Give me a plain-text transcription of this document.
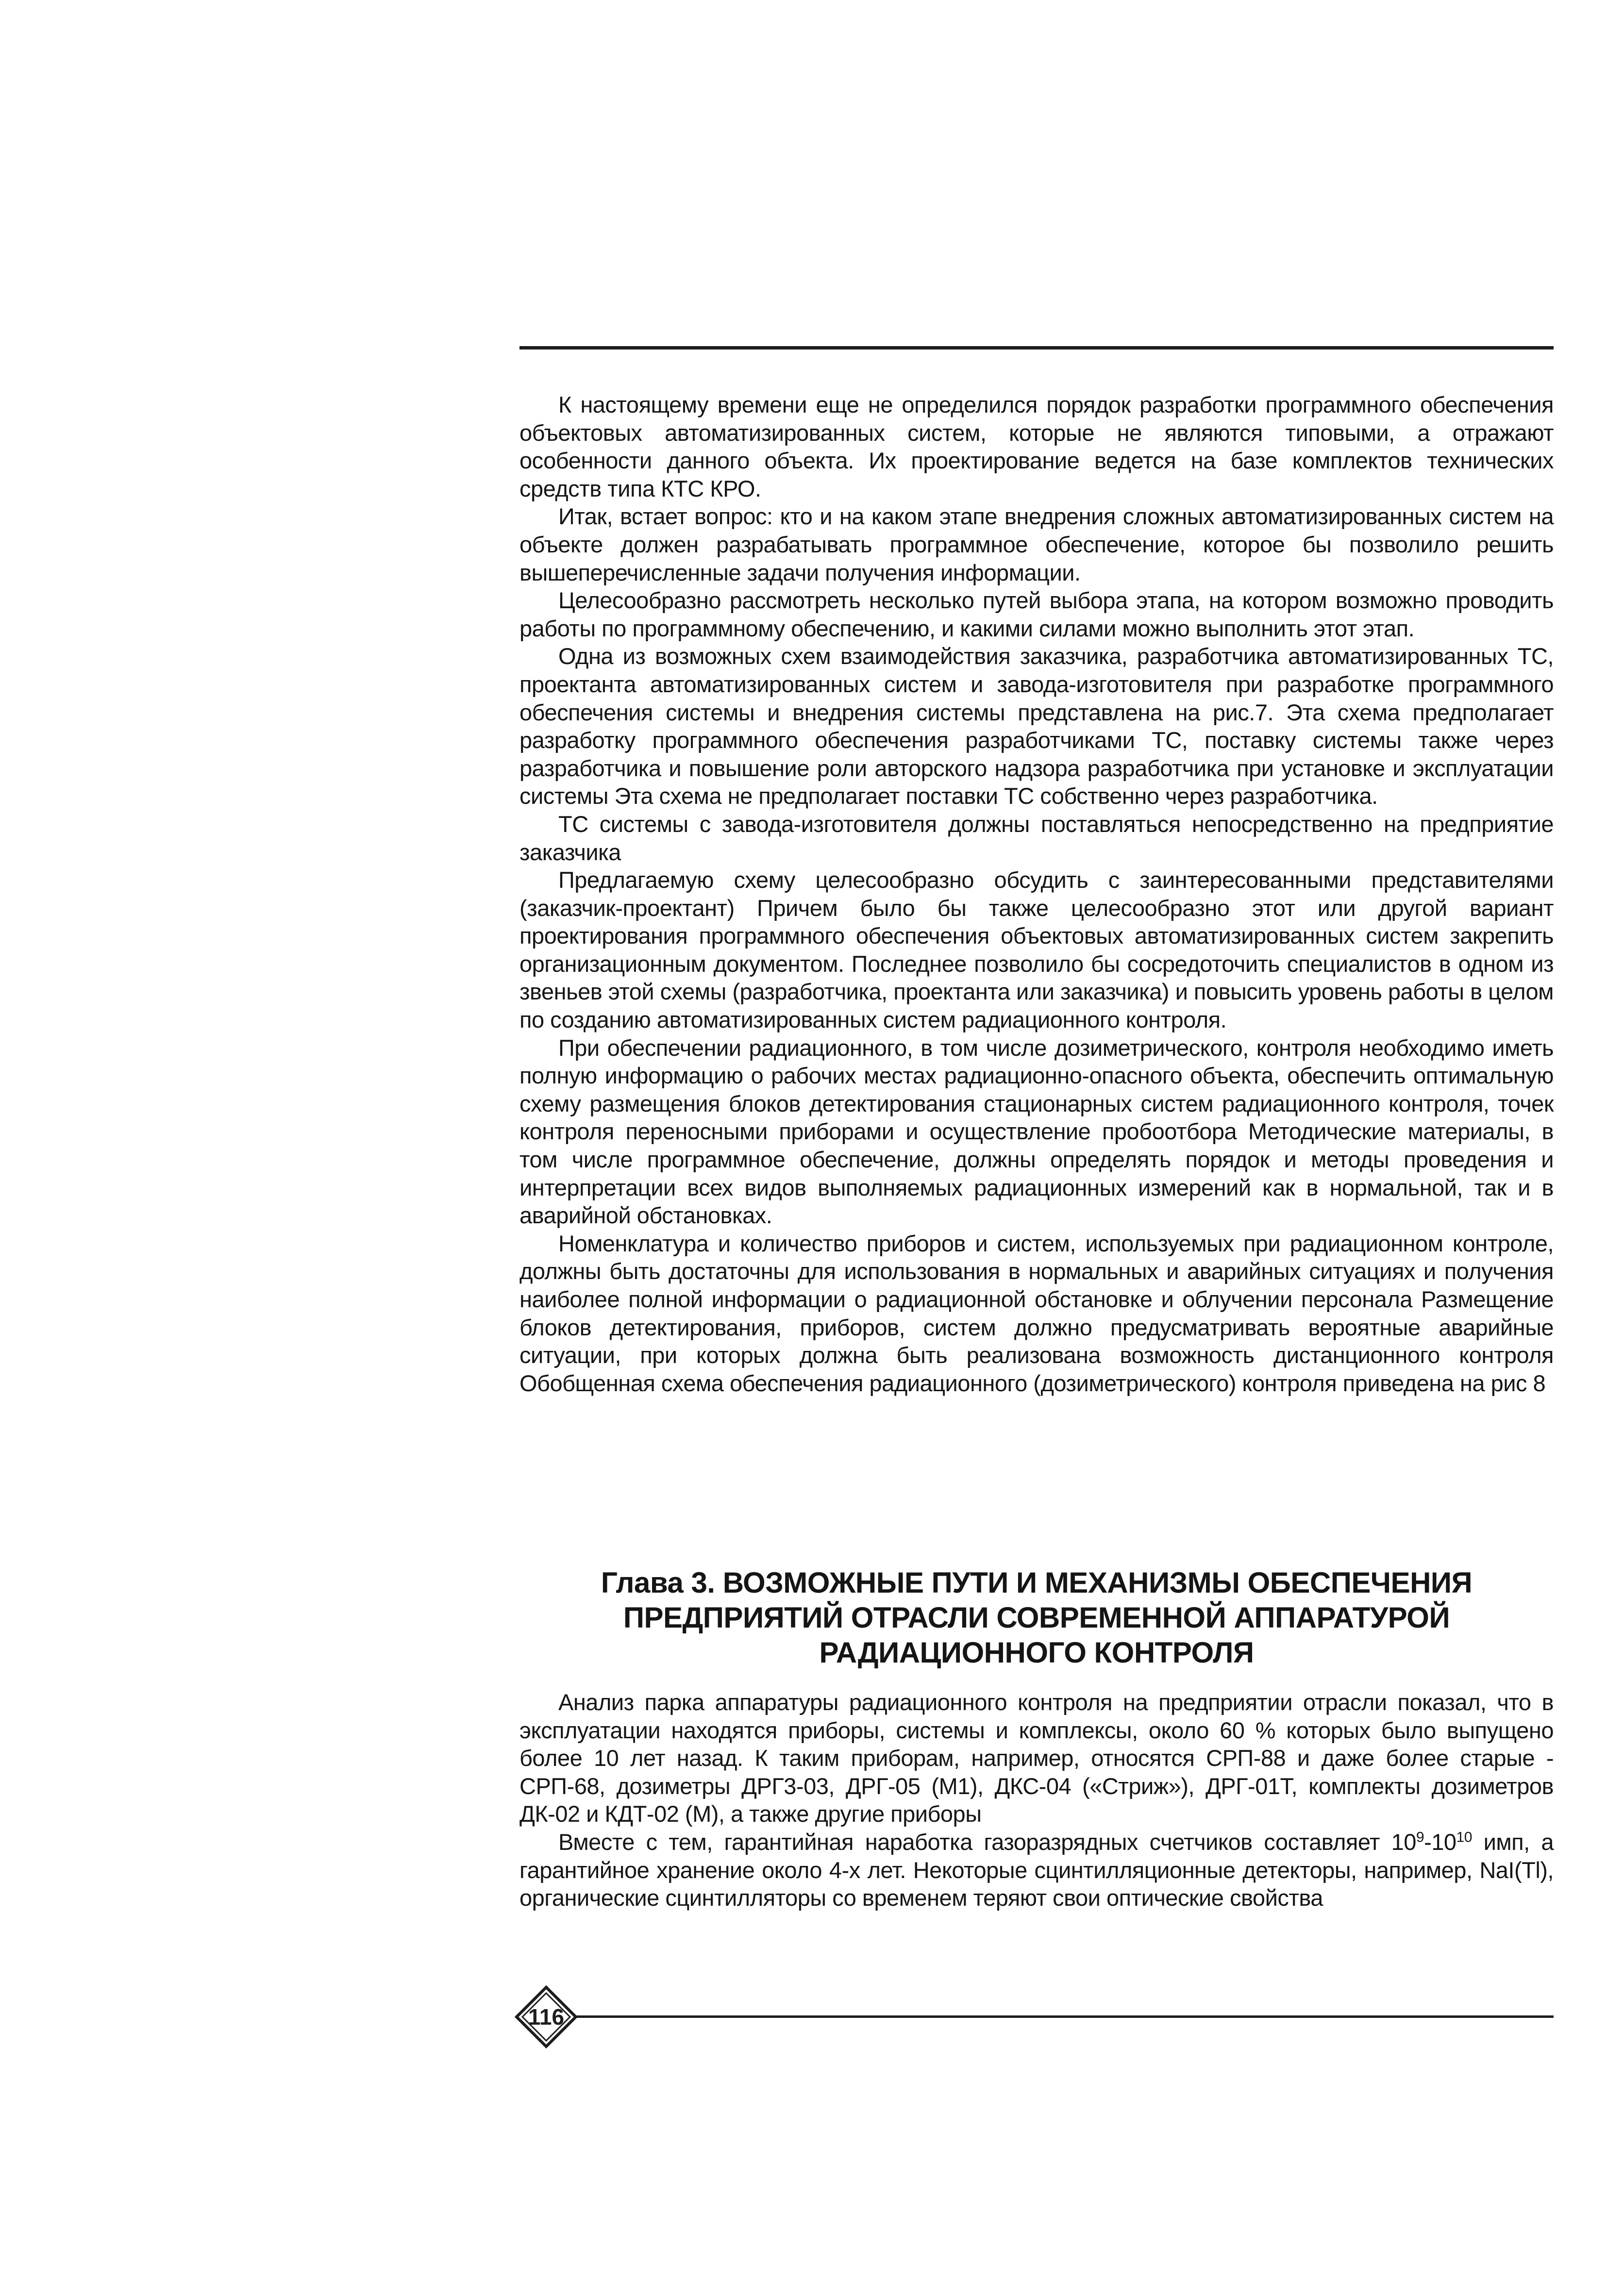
К настоящему времени еще не определился порядок разработки программного обеспечения объектовых автоматизированных систем, которые не являются типовыми, а отражают особенности данного объекта. Их проектирование ведется на базе комплектов технических средств типа КТС КРО.

Итак, встает вопрос: кто и на каком этапе внедрения сложных автоматизированных систем на объекте должен разрабатывать программное обеспечение, которое бы позволило решить вышеперечисленные задачи получения информации.

Целесообразно рассмотреть несколько путей выбора этапа, на котором возможно проводить работы по программному обеспечению, и какими силами можно выполнить этот этап.

Одна из возможных схем взаимодействия заказчика, разработчика автоматизированных ТС, проектанта автоматизированных систем и завода-изготовителя при разработке программного обеспечения системы и внедрения системы представлена на рис.7. Эта схема предполагает разработку программного обеспечения разработчиками ТС, поставку системы также через разработчика и повышение роли авторского надзора разработчика при установке и эксплуатации системы Эта схема не предполагает поставки ТС собственно через разработчика.

ТС системы с завода-изготовителя должны поставляться непосредственно на предприятие заказчика

Предлагаемую схему целесообразно обсудить с заинтересованными представителями (заказчик-проектант) Причем было бы также целесообразно этот или другой вариант проектирования программного обеспечения объектовых автоматизированных систем закрепить организационным документом. Последнее позволило бы сосредоточить специалистов в одном из звеньев этой схемы (разработчика, проектанта или заказчика) и повысить уровень работы в целом по созданию автоматизированных систем радиационного контроля.

При обеспечении радиационного, в том числе дозиметрического, контроля необходимо иметь полную информацию о рабочих местах радиационно-опасного объекта, обеспечить оптимальную схему размещения блоков детектирования стационарных систем радиационного контроля, точек контроля переносными приборами и осуществление пробоотбора Методические материалы, в том числе программное обеспечение, должны определять порядок и методы проведения и интерпретации всех видов выполняемых радиационных измерений как в нормальной, так и в аварийной обстановках.

Номенклатура и количество приборов и систем, используемых при радиационном контроле, должны быть достаточны для использования в нормальных и аварийных ситуациях и получения наиболее полной информации о радиационной обстановке и облучении персонала Размещение блоков детектирования, приборов, систем должно предусматривать вероятные аварийные ситуации, при которых должна быть реализована возможность дистанционного контроля Обобщенная схема обеспечения радиационного (дозиметрического) контроля приведена на рис 8

Глава 3. ВОЗМОЖНЫЕ ПУТИ И МЕХАНИЗМЫ ОБЕСПЕЧЕНИЯ
ПРЕДПРИЯТИЙ ОТРАСЛИ СОВРЕМЕННОЙ АППАРАТУРОЙ
РАДИАЦИОННОГО КОНТРОЛЯ

Анализ парка аппаратуры радиационного контроля на предприятии отрасли показал, что в эксплуатации находятся приборы, системы и комплексы, около 60 % которых было выпущено более 10 лет назад. К таким приборам, например, относятся СРП-88 и даже более старые - СРП-68, дозиметры ДРГ3-03, ДРГ-05 (М1), ДКС-04 («Стриж»), ДРГ-01Т, комплекты дозиметров ДК-02 и КДТ-02 (М), а также другие приборы

Вместе с тем, гарантийная наработка газоразрядных счетчиков составляет $10^9-10^{10}$ имп, а гарантийное хранение около 4-х лет. Некоторые сцинтилляционные детекторы, например, NaI(Tl), органические сцинтилляторы со временем теряют свои оптические свойства

116
